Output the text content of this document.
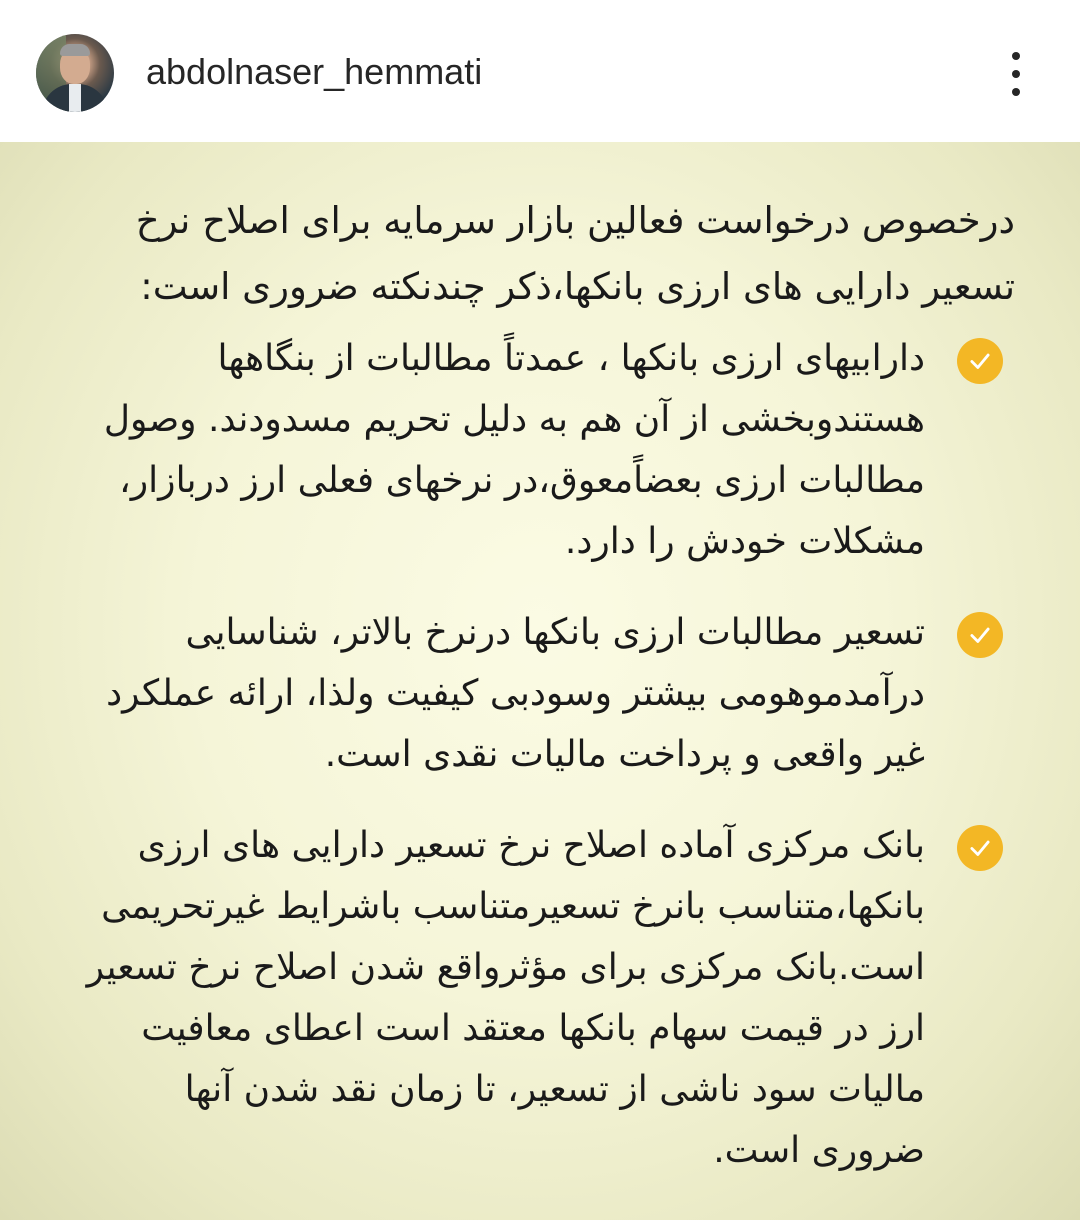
abdolnaser_hemmati
درخصوص درخواست فعالین بازار سرمایه برای اصلاح نرخ تسعیر دارایی های ارزی بانکها،ذکر چندنکته ضروری است:
دارابیهای ارزی بانکها ، عمدتاً مطالبات از بنگاهها هستندوبخشی از آن هم به دلیل تحریم مسدودند. وصول مطالبات ارزی بعضاًمعوق،در نرخهای فعلی ارز دربازار، مشکلات خودش را دارد.
تسعیر مطالبات ارزی بانکها درنرخ بالاتر، شناسایی درآمدموهومی بیشتر وسودبی کیفیت ولذا، ارائه عملکرد غیر واقعی و پرداخت مالیات نقدی است.
بانک مرکزی آماده اصلاح نرخ تسعیر دارایی های ارزی بانکها،متناسب بانرخ تسعیرمتناسب باشرایط غیرتحریمی است.بانک مرکزی برای مؤثرواقع شدن اصلاح نرخ تسعیر ارز در قیمت سهام بانکها معتقد است اعطای معافیت مالیات سود ناشی از تسعیر، تا زمان نقد شدن آنها ضروری است.
